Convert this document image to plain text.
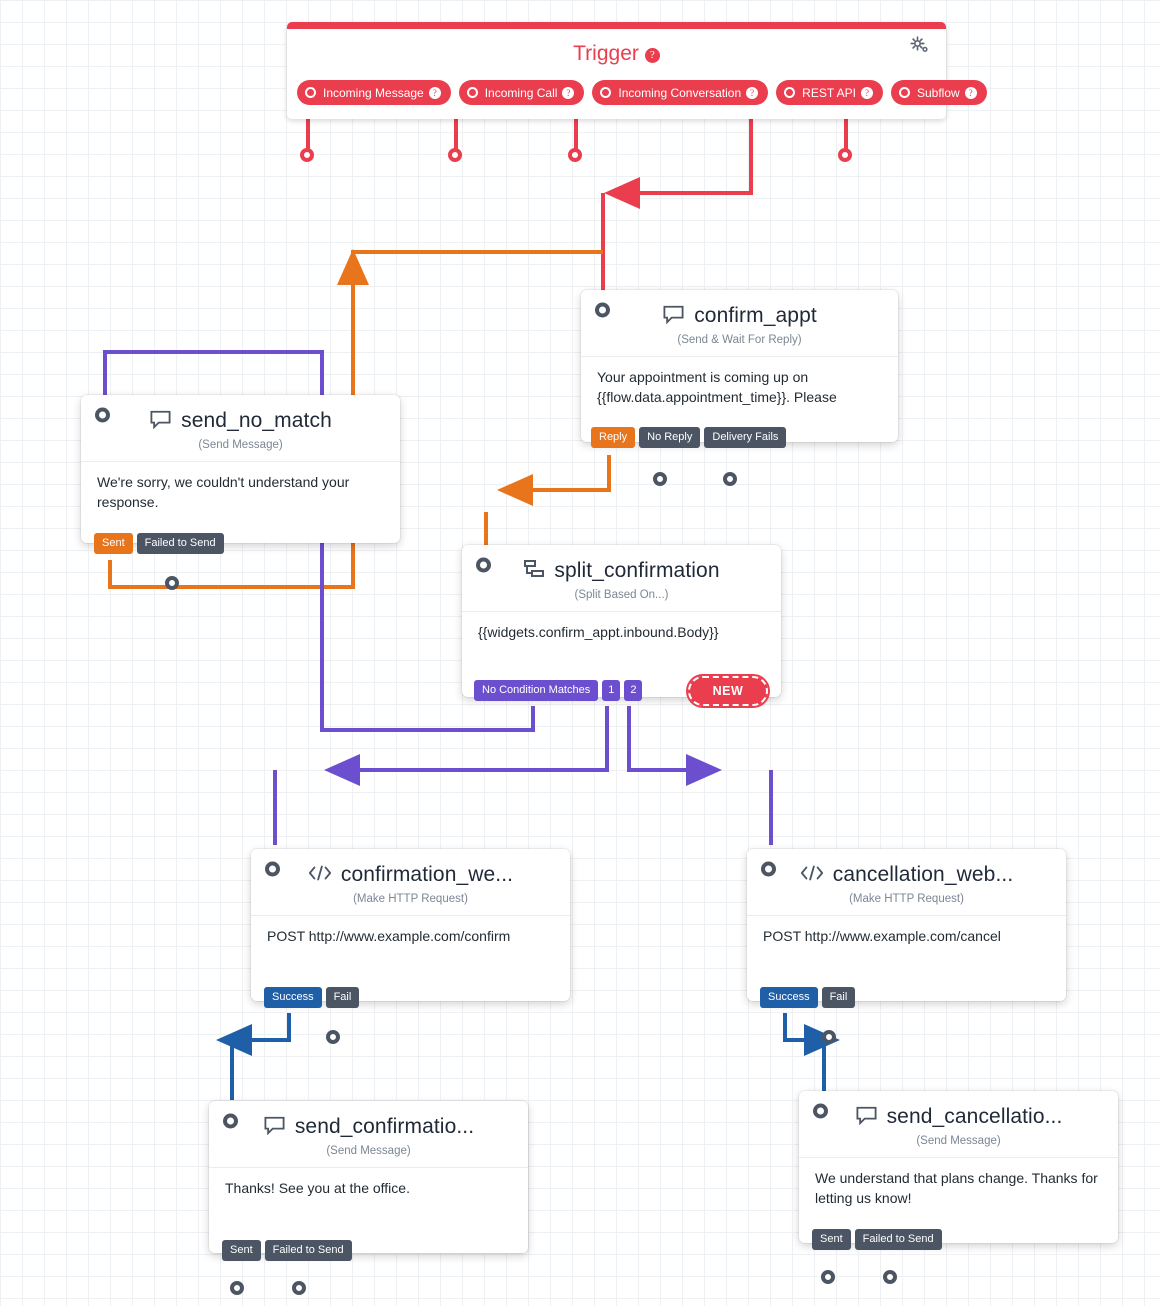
Trigger ?
Incoming Message	?	Incoming Call	?	Incoming Conversation	?	REST API	?	Subflow	?
confirm_appt
(Send & Wait For Reply)
Your appointment is coming up on {{flow.data.appointment_time}}. Please
Reply	No Reply	Delivery Fails
send_no_match
(Send Message)
We're sorry, we couldn't understand your response.
Sent	Failed to Send
split_confirmation
(Split Based On...)
{{widgets.confirm_appt.inbound.Body}}
No Condition Matches	1	2	NEW
confirmation_we...
(Make HTTP Request)
POST http://www.example.com/confirm
Success	Fail
cancellation_web...
(Make HTTP Request)
POST http://www.example.com/cancel
Success	Fail
send_confirmatio...
(Send Message)
Thanks! See you at the office.
Sent	Failed to Send
send_cancellatio...
(Send Message)
We understand that plans change. Thanks for letting us know!
Sent	Failed to Send
